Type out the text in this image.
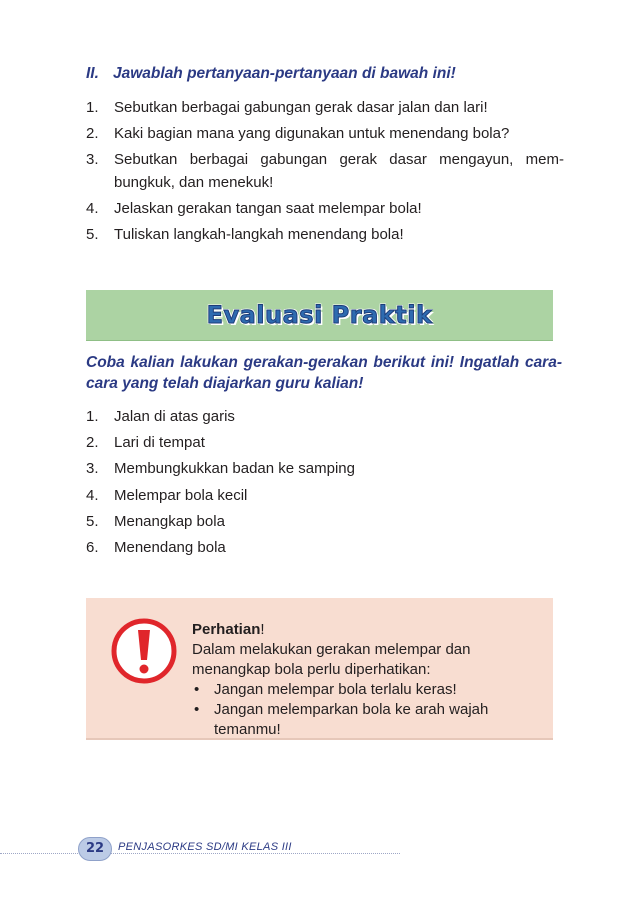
II. Jawablah pertanyaan-pertanyaan di bawah ini!
1.	Sebutkan berbagai gabungan gerak dasar jalan dan lari!
2.	Kaki bagian mana yang digunakan untuk menendang bola?
3.	Sebutkan berbagai gabungan gerak dasar mengayun, mem-bungkuk, dan menekuk!
4.	Jelaskan gerakan tangan saat melempar bola!
5.	Tuliskan langkah-langkah menendang bola!
Evaluasi Praktik
Coba kalian lakukan gerakan-gerakan berikut ini! Ingatlah cara-cara yang telah diajarkan guru kalian!
1.	Jalan di atas garis
2.	Lari di tempat
3.	Membungkukkan badan ke samping
4.	Melempar bola kecil
5.	Menangkap bola
6.	Menendang bola
Perhatian!
Dalam melakukan gerakan melempar dan menangkap bola perlu diperhatikan:
• Jangan melempar bola terlalu keras!
• Jangan melemparkan bola ke arah wajah temanmu!
22	PENJASORKES SD/MI KELAS III
